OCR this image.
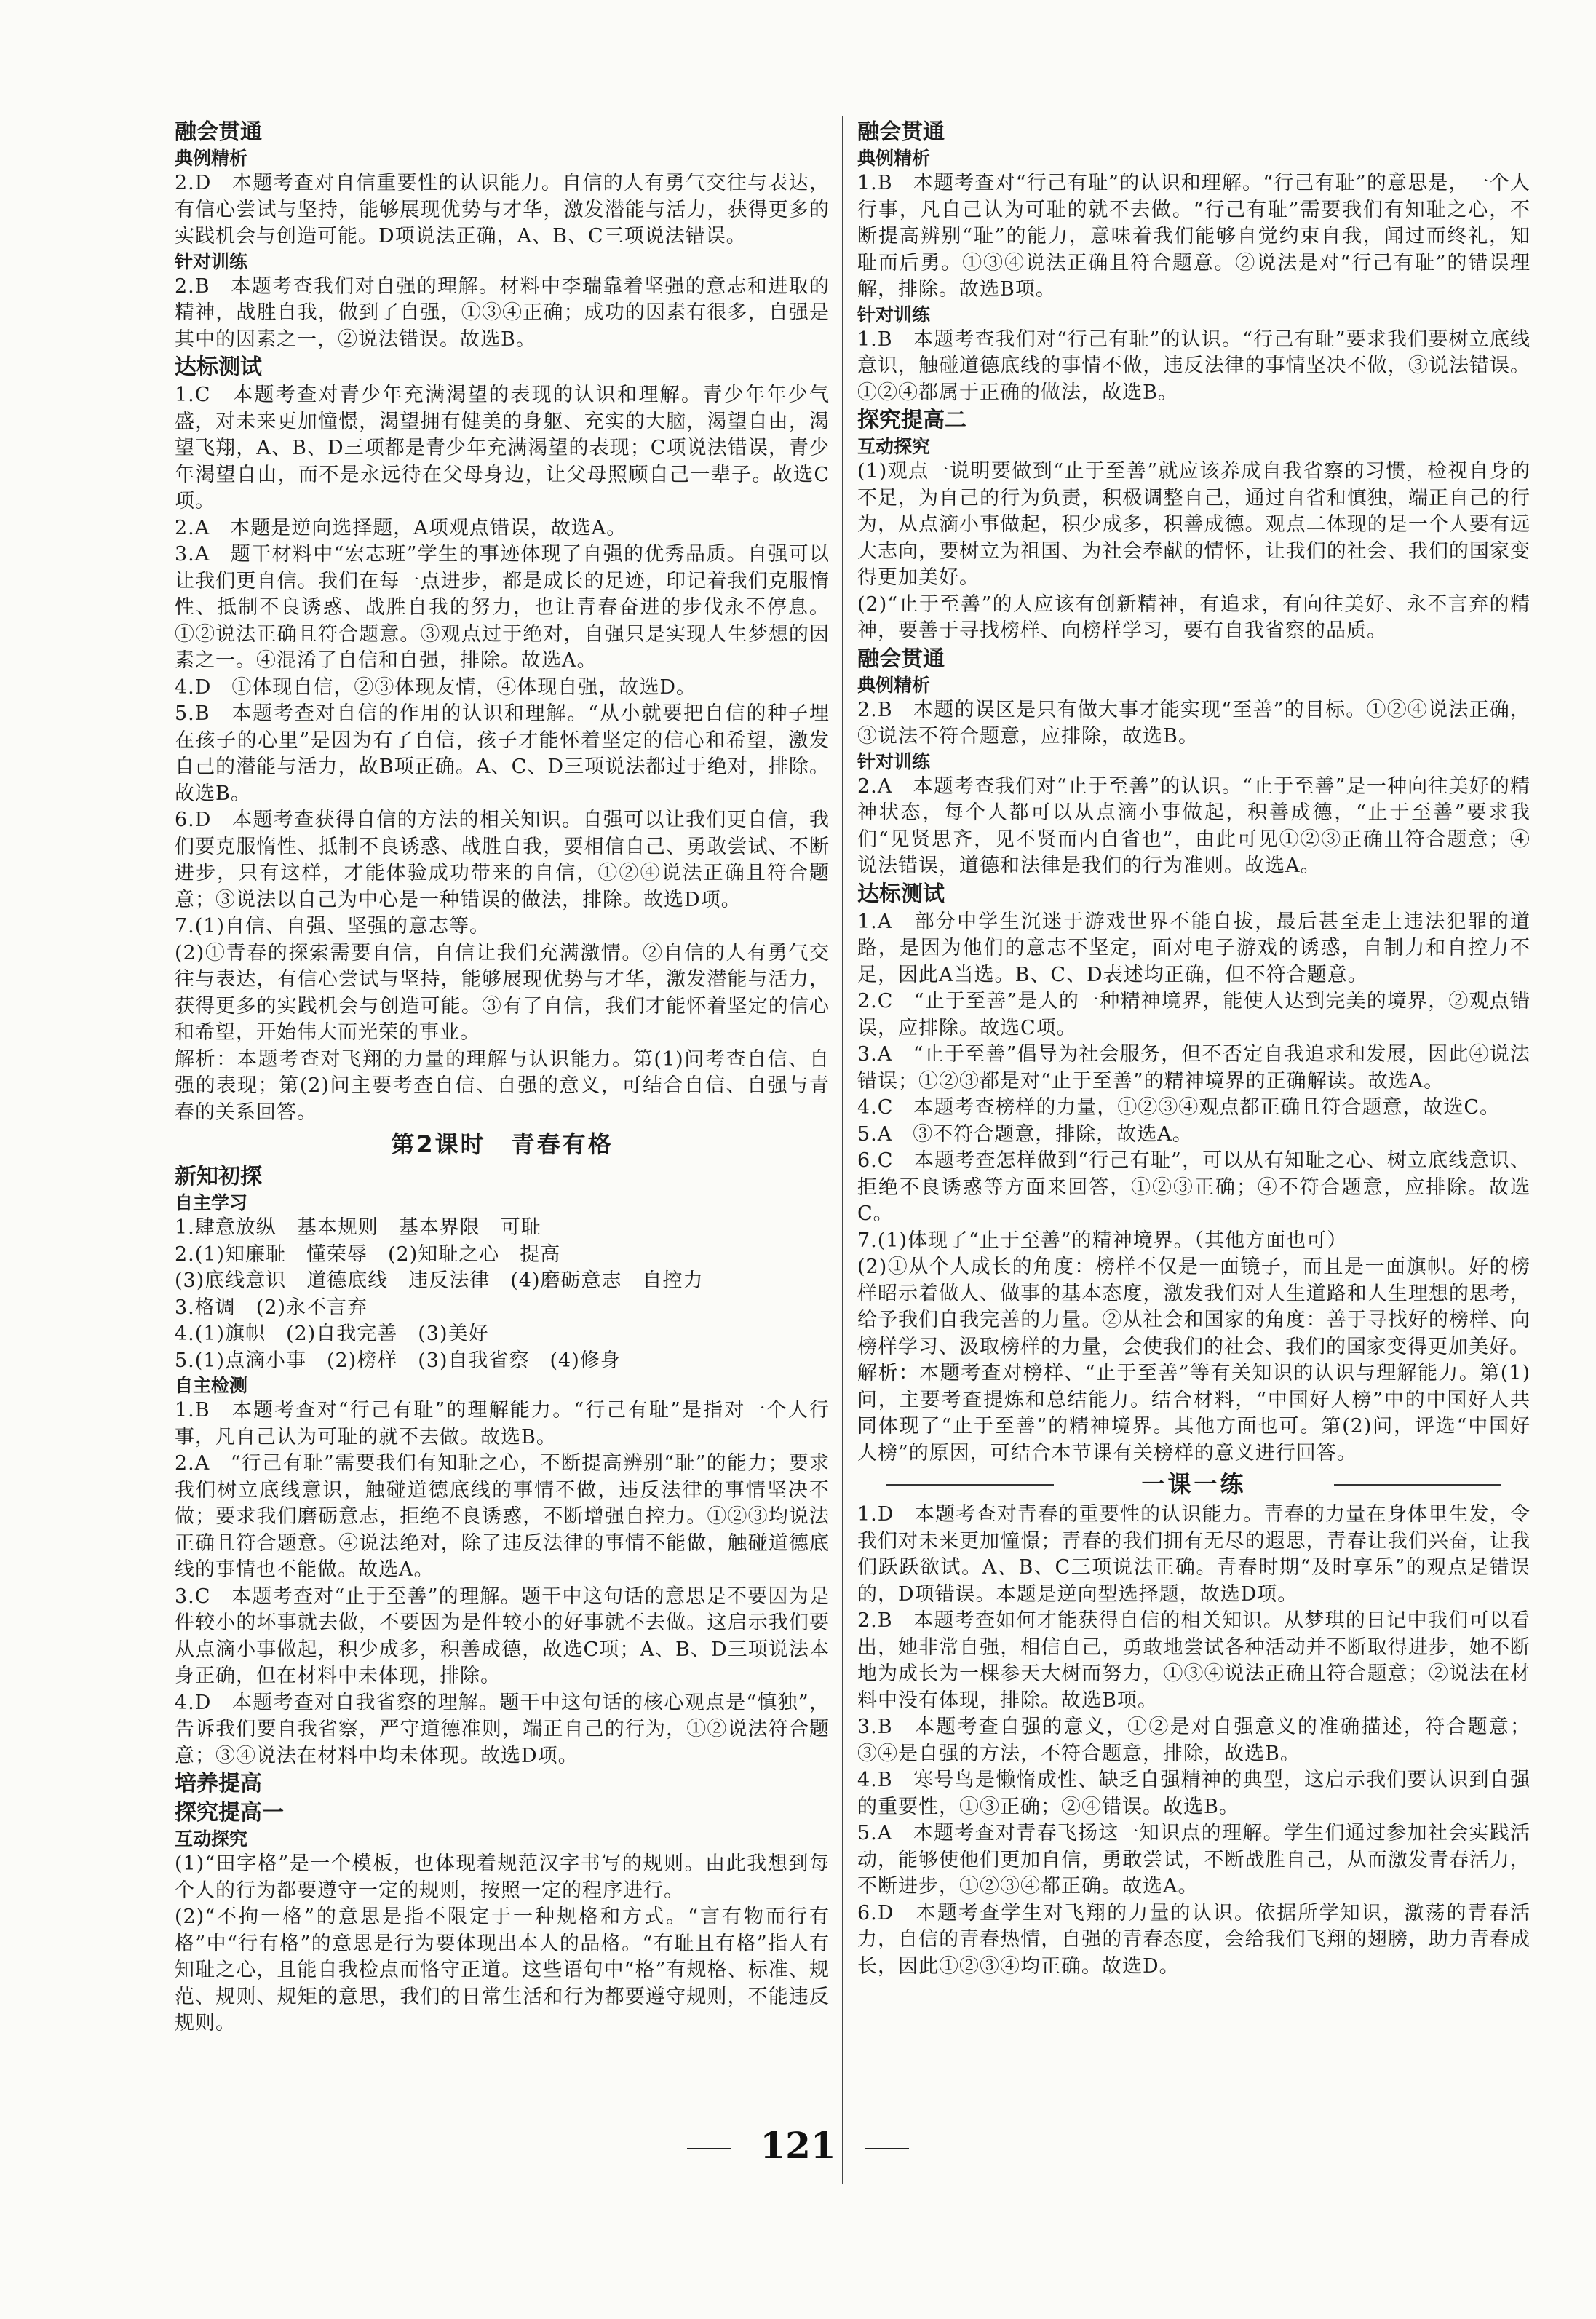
融会贯通
典例精析
2.D　本题考查对自信重要性的认识能力。自信的人有勇气交往与表达，有信心尝试与坚持，能够展现优势与才华，激发潜能与活力，获得更多的实践机会与创造可能。D项说法正确，A、B、C三项说法错误。
针对训练
2.B　本题考查我们对自强的理解。材料中李瑞靠着坚强的意志和进取的精神，战胜自我，做到了自强，①③④正确；成功的因素有很多，自强是其中的因素之一，②说法错误。故选B。
达标测试
1.C　本题考查对青少年充满渴望的表现的认识和理解。青少年年少气盛，对未来更加憧憬，渴望拥有健美的身躯、充实的大脑，渴望自由，渴望飞翔，A、B、D三项都是青少年充满渴望的表现；C项说法错误，青少年渴望自由，而不是永远待在父母身边，让父母照顾自己一辈子。故选C项。
2.A　本题是逆向选择题，A项观点错误，故选A。
3.A　题干材料中“宏志班”学生的事迹体现了自强的优秀品质。自强可以让我们更自信。我们在每一点进步，都是成长的足迹，印记着我们克服惰性、抵制不良诱惑、战胜自我的努力，也让青春奋进的步伐永不停息。①②说法正确且符合题意。③观点过于绝对，自强只是实现人生梦想的因素之一。④混淆了自信和自强，排除。故选A。
4.D　①体现自信，②③体现友情，④体现自强，故选D。
5.B　本题考查对自信的作用的认识和理解。“从小就要把自信的种子埋在孩子的心里”是因为有了自信，孩子才能怀着坚定的信心和希望，激发自己的潜能与活力，故B项正确。A、C、D三项说法都过于绝对，排除。故选B。
6.D　本题考查获得自信的方法的相关知识。自强可以让我们更自信，我们要克服惰性、抵制不良诱惑、战胜自我，要相信自己、勇敢尝试、不断进步，只有这样，才能体验成功带来的自信，①②④说法正确且符合题意；③说法以自己为中心是一种错误的做法，排除。故选D项。
7.(1)自信、自强、坚强的意志等。
(2)①青春的探索需要自信，自信让我们充满激情。②自信的人有勇气交往与表达，有信心尝试与坚持，能够展现优势与才华，激发潜能与活力，获得更多的实践机会与创造可能。③有了自信，我们才能怀着坚定的信心和希望，开始伟大而光荣的事业。
解析：本题考查对飞翔的力量的理解与认识能力。第(1)问考查自信、自强的表现；第(2)问主要考查自信、自强的意义，可结合自信、自强与青春的关系回答。
第2课时　青春有格
新知初探
自主学习
1.肆意放纵　基本规则　基本界限　可耻
2.(1)知廉耻　懂荣辱　(2)知耻之心　提高
(3)底线意识　道德底线　违反法律　(4)磨砺意志　自控力
3.格调　(2)永不言弃
4.(1)旗帜　(2)自我完善　(3)美好
5.(1)点滴小事　(2)榜样　(3)自我省察　(4)修身
自主检测
1.B　本题考查对“行己有耻”的理解能力。“行己有耻”是指对一个人行事，凡自己认为可耻的就不去做。故选B。
2.A　“行己有耻”需要我们有知耻之心，不断提高辨别“耻”的能力；要求我们树立底线意识，触碰道德底线的事情不做，违反法律的事情坚决不做；要求我们磨砺意志，拒绝不良诱惑，不断增强自控力。①②③均说法正确且符合题意。④说法绝对，除了违反法律的事情不能做，触碰道德底线的事情也不能做。故选A。
3.C　本题考查对“止于至善”的理解。题干中这句话的意思是不要因为是件较小的坏事就去做，不要因为是件较小的好事就不去做。这启示我们要从点滴小事做起，积少成多，积善成德，故选C项；A、B、D三项说法本身正确，但在材料中未体现，排除。
4.D　本题考查对自我省察的理解。题干中这句话的核心观点是“慎独”，告诉我们要自我省察，严守道德准则，端正自己的行为，①②说法符合题意；③④说法在材料中均未体现。故选D项。
培养提高
探究提高一
互动探究
(1)“田字格”是一个模板，也体现着规范汉字书写的规则。由此我想到每个人的行为都要遵守一定的规则，按照一定的程序进行。
(2)“不拘一格”的意思是指不限定于一种规格和方式。“言有物而行有格”中“行有格”的意思是行为要体现出本人的品格。“有耻且有格”指人有知耻之心，且能自我检点而恪守正道。这些语句中“格”有规格、标准、规范、规则、规矩的意思，我们的日常生活和行为都要遵守规则，不能违反规则。
融会贯通
典例精析
1.B　本题考查对“行己有耻”的认识和理解。“行己有耻”的意思是，一个人行事，凡自己认为可耻的就不去做。“行己有耻”需要我们有知耻之心，不断提高辨别“耻”的能力，意味着我们能够自觉约束自我，闻过而终礼，知耻而后勇。①③④说法正确且符合题意。②说法是对“行己有耻”的错误理解，排除。故选B项。
针对训练
1.B　本题考查我们对“行己有耻”的认识。“行己有耻”要求我们要树立底线意识，触碰道德底线的事情不做，违反法律的事情坚决不做，③说法错误。①②④都属于正确的做法，故选B。
探究提高二
互动探究
(1)观点一说明要做到“止于至善”就应该养成自我省察的习惯，检视自身的不足，为自己的行为负责，积极调整自己，通过自省和慎独，端正自己的行为，从点滴小事做起，积少成多，积善成德。观点二体现的是一个人要有远大志向，要树立为祖国、为社会奉献的情怀，让我们的社会、我们的国家变得更加美好。
(2)“止于至善”的人应该有创新精神，有追求，有向往美好、永不言弃的精神，要善于寻找榜样、向榜样学习，要有自我省察的品质。
融会贯通
典例精析
2.B　本题的误区是只有做大事才能实现“至善”的目标。①②④说法正确，③说法不符合题意，应排除，故选B。
针对训练
2.A　本题考查我们对“止于至善”的认识。“止于至善”是一种向往美好的精神状态，每个人都可以从点滴小事做起，积善成德，“止于至善”要求我们“见贤思齐，见不贤而内自省也”，由此可见①②③正确且符合题意；④说法错误，道德和法律是我们的行为准则。故选A。
达标测试
1.A　部分中学生沉迷于游戏世界不能自拔，最后甚至走上违法犯罪的道路，是因为他们的意志不坚定，面对电子游戏的诱惑，自制力和自控力不足，因此A当选。B、C、D表述均正确，但不符合题意。
2.C　“止于至善”是人的一种精神境界，能使人达到完美的境界，②观点错误，应排除。故选C项。
3.A　“止于至善”倡导为社会服务，但不否定自我追求和发展，因此④说法错误；①②③都是对“止于至善”的精神境界的正确解读。故选A。
4.C　本题考查榜样的力量，①②③④观点都正确且符合题意，故选C。
5.A　③不符合题意，排除，故选A。
6.C　本题考查怎样做到“行己有耻”，可以从有知耻之心、树立底线意识、拒绝不良诱惑等方面来回答，①②③正确；④不符合题意，应排除。故选C。
7.(1)体现了“止于至善”的精神境界。（其他方面也可）
(2)①从个人成长的角度：榜样不仅是一面镜子，而且是一面旗帜。好的榜样昭示着做人、做事的基本态度，激发我们对人生道路和人生理想的思考，给予我们自我完善的力量。②从社会和国家的角度：善于寻找好的榜样、向榜样学习、汲取榜样的力量，会使我们的社会、我们的国家变得更加美好。
解析：本题考查对榜样、“止于至善”等有关知识的认识与理解能力。第(1)问，主要考查提炼和总结能力。结合材料，“中国好人榜”中的中国好人共同体现了“止于至善”的精神境界。其他方面也可。第(2)问，评选“中国好人榜”的原因，可结合本节课有关榜样的意义进行回答。
一课一练
1.D　本题考查对青春的重要性的认识能力。青春的力量在身体里生发，令我们对未来更加憧憬；青春的我们拥有无尽的遐思，青春让我们兴奋，让我们跃跃欲试。A、B、C三项说法正确。青春时期“及时享乐”的观点是错误的，D项错误。本题是逆向型选择题，故选D项。
2.B　本题考查如何才能获得自信的相关知识。从梦琪的日记中我们可以看出，她非常自强，相信自己，勇敢地尝试各种活动并不断取得进步，她不断地为成长为一棵参天大树而努力，①③④说法正确且符合题意；②说法在材料中没有体现，排除。故选B项。
3.B　本题考查自强的意义，①②是对自强意义的准确描述，符合题意；③④是自强的方法，不符合题意，排除，故选B。
4.B　寒号鸟是懒惰成性、缺乏自强精神的典型，这启示我们要认识到自强的重要性，①③正确；②④错误。故选B。
5.A　本题考查对青春飞扬这一知识点的理解。学生们通过参加社会实践活动，能够使他们更加自信，勇敢尝试，不断战胜自己，从而激发青春活力，不断进步，①②③④都正确。故选A。
6.D　本题考查学生对飞翔的力量的认识。依据所学知识，激荡的青春活力，自信的青春热情，自强的青春态度，会给我们飞翔的翅膀，助力青春成长，因此①②③④均正确。故选D。
121
